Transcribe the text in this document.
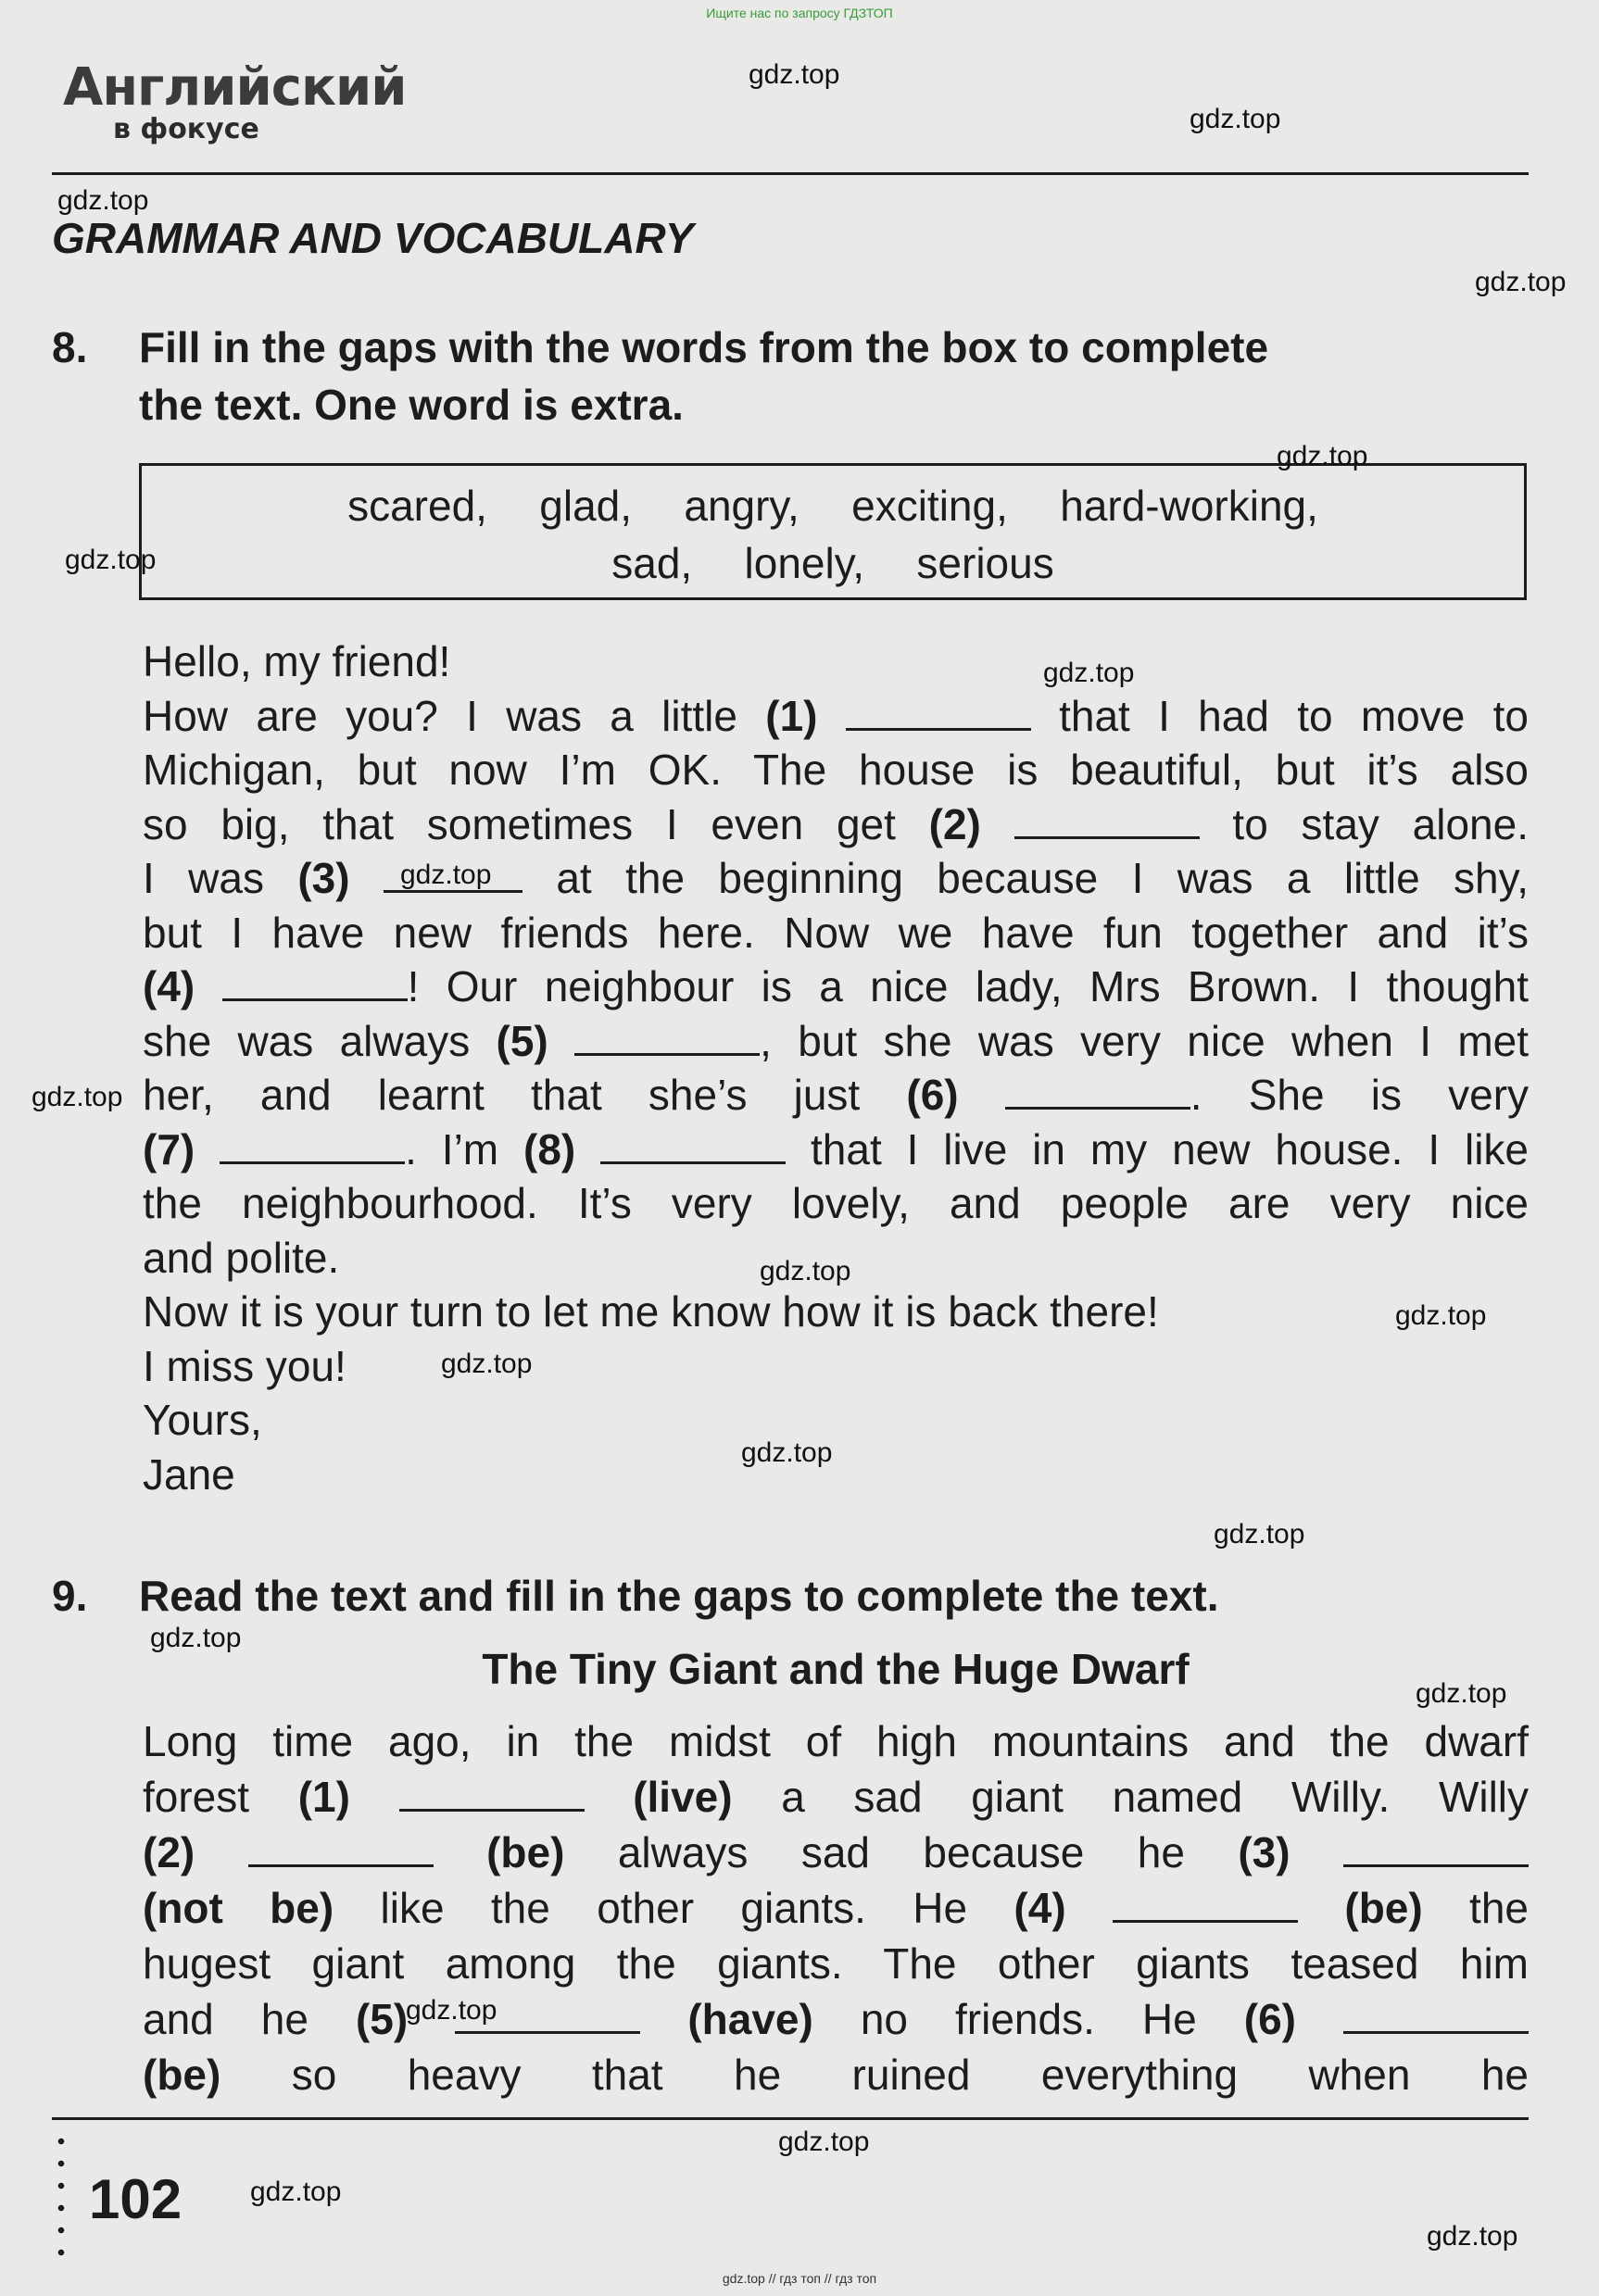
Ищите нас по запросу ГДЗТОП
Английский
в фокусе
GRAMMAR AND VOCABULARY
8. Fill in the gaps with the words from the box to complete
the text. One word is extra.
scared,   glad,   angry,   exciting,   hard-working,
sad,   lonely,   serious
Hello, my friend!
How are you? I was a little (1)	that I had to move to
Michigan, but now I’m OK. The house is beautiful, but it’s also
so big, that sometimes I even get (2)	to stay alone.
I was (3)	at the beginning because I was a little shy,
but I have new friends here. Now we have fun together and it’s
(4)	! Our neighbour is a nice lady, Mrs Brown. I thought
she was always (5)	, but she was very nice when I met
her, and learnt that she’s just (6)	. She is very
(7)	. I’m (8)	that I live in my new house. I like
the neighbourhood. It’s very lovely, and people are very nice
and polite.
Now it is your turn to let me know how it is back there!
I miss you!
Yours,
Jane
9. Read the text and fill in the gaps to complete the text.
The Tiny Giant and the Huge Dwarf
Long time ago, in the midst of high mountains and the dwarf
forest (1)	(live) a sad giant named Willy. Willy
(2)	(be) always sad because he (3)
(not be) like the other giants. He (4)	(be) the
hugest giant among the giants. The other giants teased him
and he (5)	(have) no friends. He (6)
(be) so heavy that he ruined everything when he
102
gdz.top
gdz.top
gdz.top
gdz.top
gdz.top
gdz.top
gdz.top
gdz.top
gdz.top
gdz.top
gdz.top
gdz.top
gdz.top
gdz.top
gdz.top
gdz.top
gdz.top
gdz.top
gdz.top
gdz.top
gdz.top // гдз топ // гдз топ
